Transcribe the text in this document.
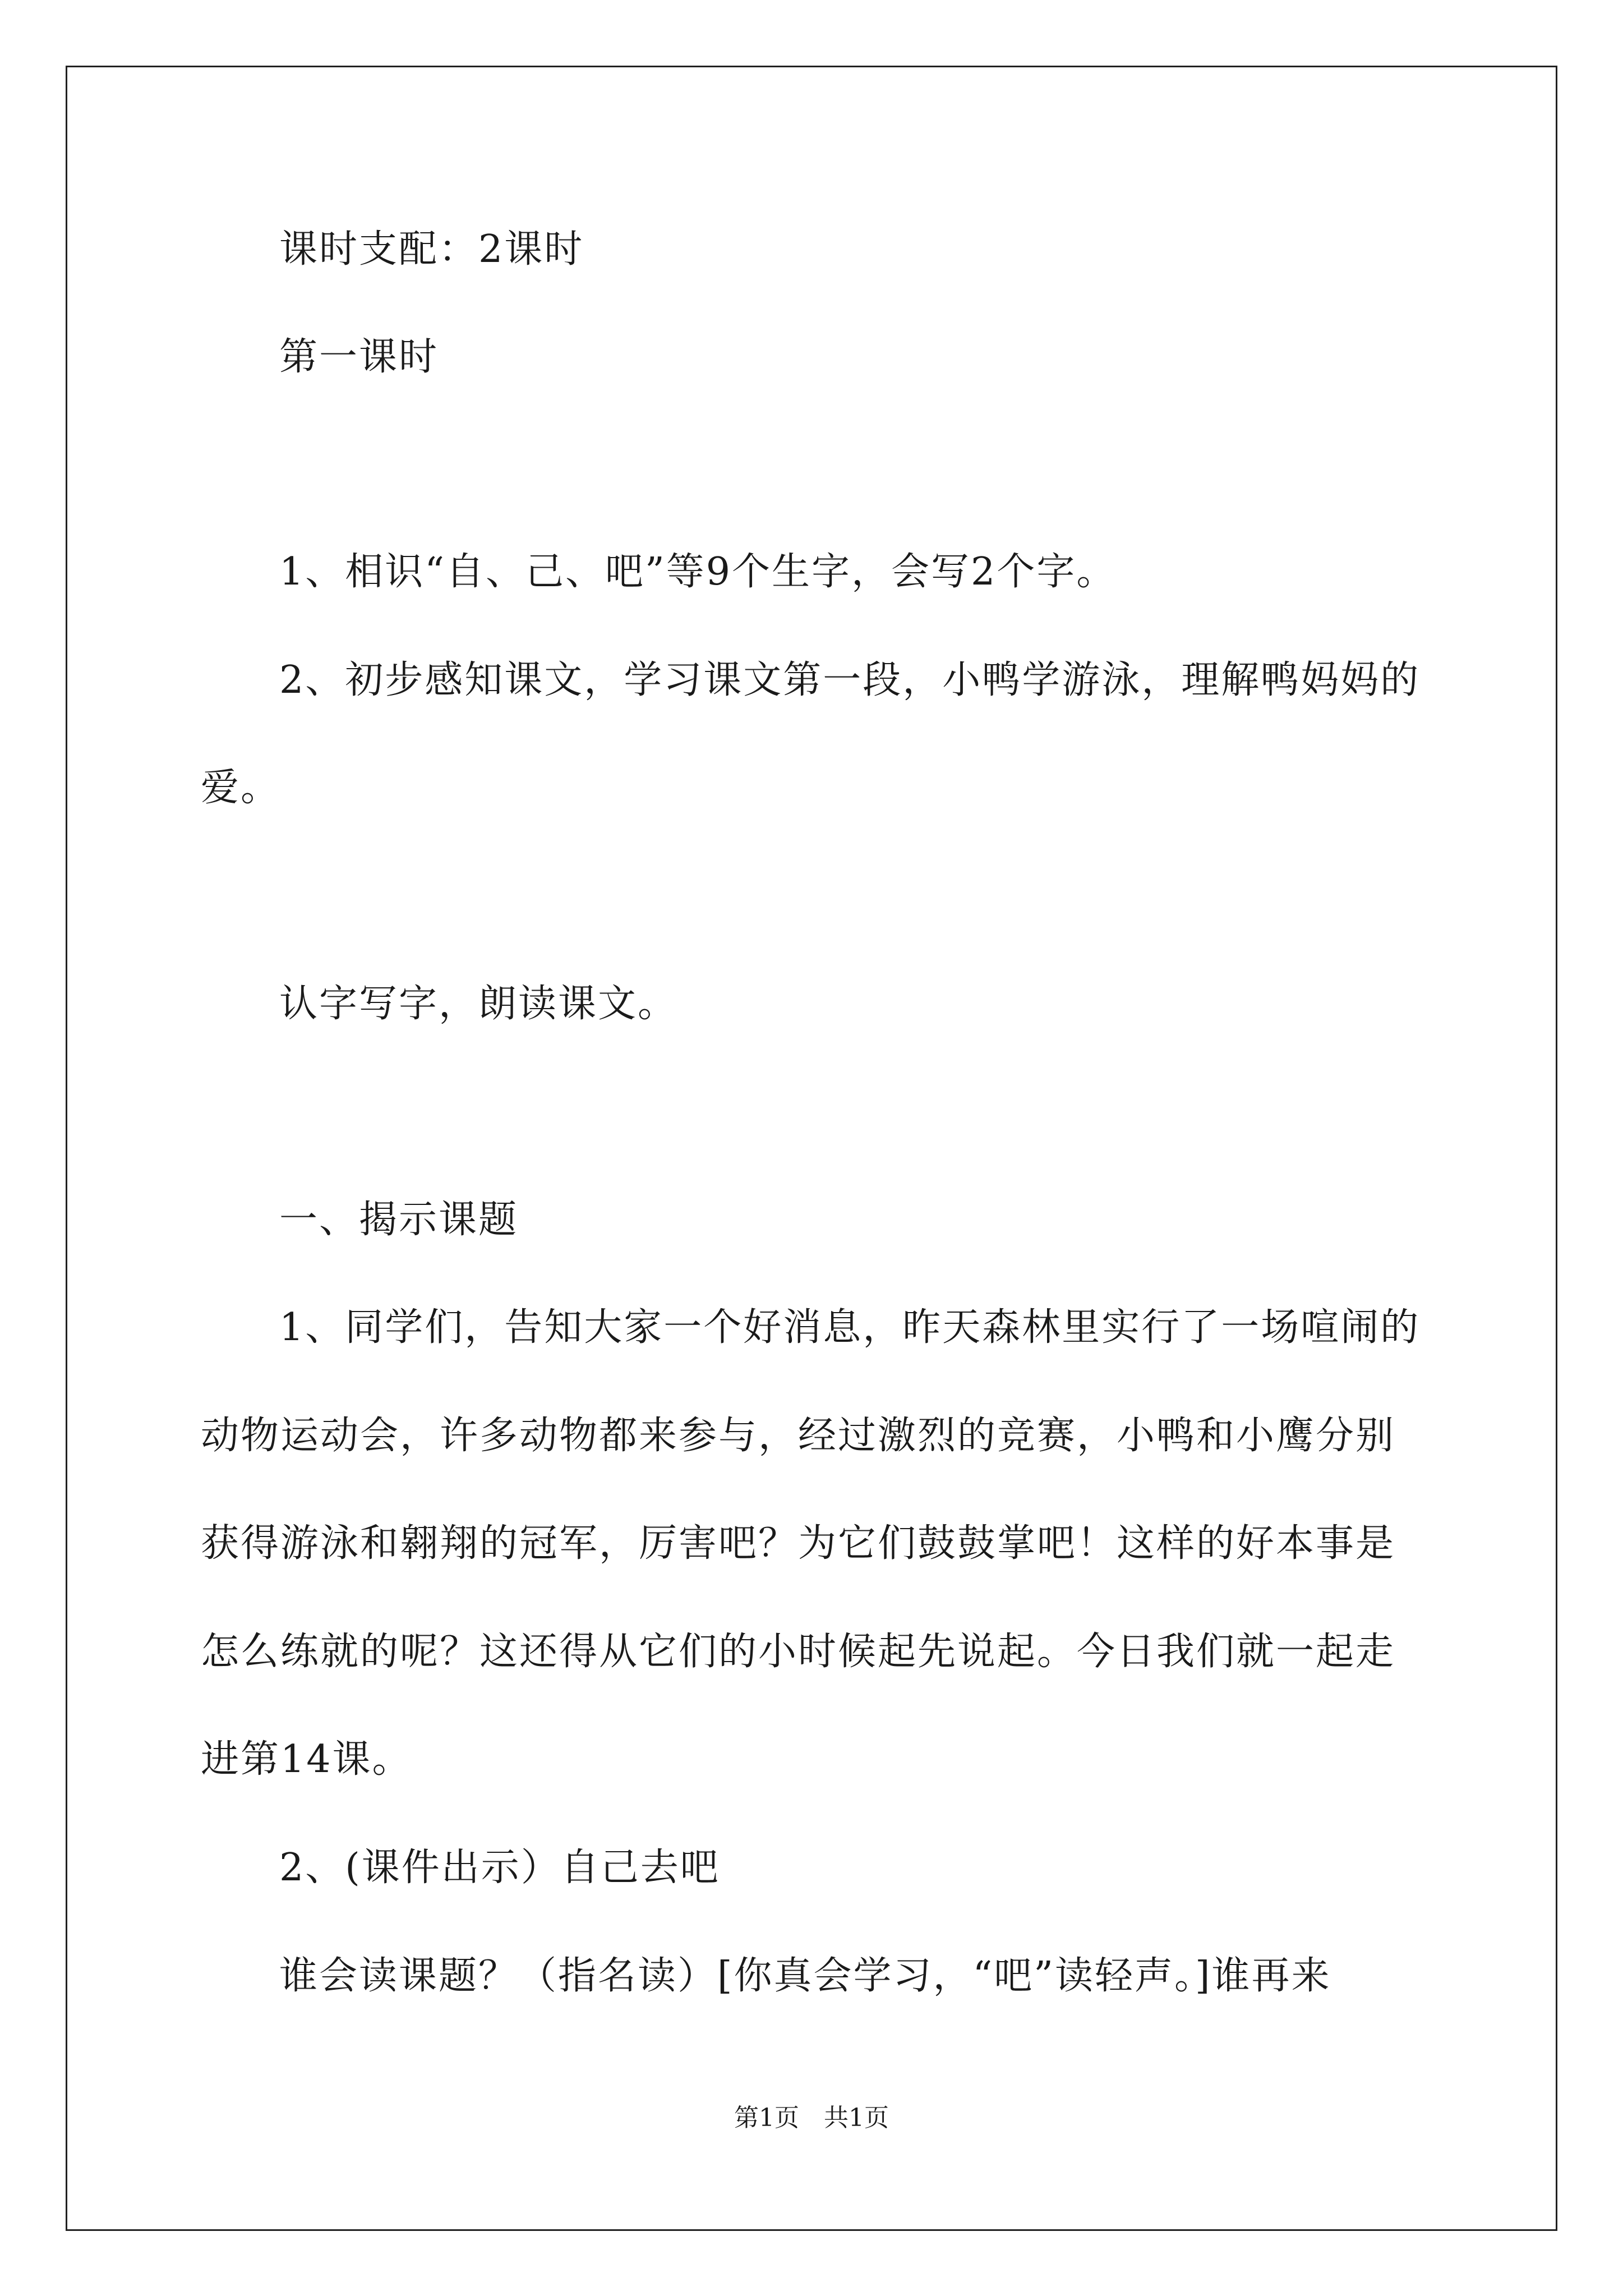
课时支配：2课时
第一课时
1、相识“自、己、吧”等9个生字，会写2个字。
2、初步感知课文，学习课文第一段，小鸭学游泳，理解鸭妈妈的
爱。
认字写字，朗读课文。
一、揭示课题
1、同学们，告知大家一个好消息，昨天森林里实行了一场喧闹的
动物运动会，许多动物都来参与，经过激烈的竞赛，小鸭和小鹰分别
获得游泳和翱翔的冠军，厉害吧？为它们鼓鼓掌吧！这样的好本事是
怎么练就的呢？这还得从它们的小时候起先说起。今日我们就一起走
进第14课。
2、(课件出示）自己去吧
谁会读课题？（指名读）[你真会学习，“吧”读轻声。]谁再来
第1页　共1页
